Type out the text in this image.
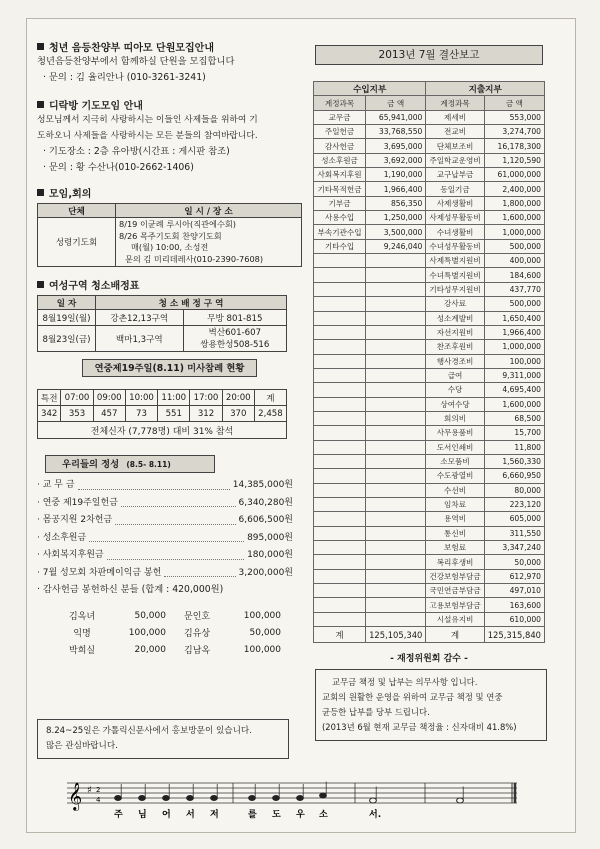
청년 음등찬양부 띠아모 단원모집안내
청년음등찬양부에서 함께하실 단원을 모집합니다
· 문의 : 김 율리안나 (010-3261-3241)
디락방 기도모임 안내
성모님께서 지극히 사랑하시는 이들인 사제들을 위하여 기
도하오니 사제들을 사랑하시는 모든 분들의 참여바랍니다.
· 기도장소 : 2층 유아방(시간표 : 게시판 참조)
· 문의 : 황 수산나(010-2662-1406)
모임,회의
단체	일 시 / 장 소
성령기도회	8/19 이균례 루시아(직관에수회)
8/26 목주기도회 찬양기도회
매(월) 10:00, 소성전
문의 김 미리데레사(010-2390-7608)
여성구역 청소배정표
일 자	청 소 배 정 구 역	
8월19일(월)	강촌12,13구역	무방 801-815
8월23일(금)	백마1,3구역	벽산601-607
쌍용한성508-516
연중제19주일(8.11) 미사참례 현황
특전	07:00	09:00	10:00	11:00	17:00	20:00	계
342	353	457	73	551	312	370	2,458
전체신자 (7,778명) 대비 31% 참석							
우리들의 정성 (8.5- 8.11)
· 교 무 금	14,385,000원
· 연중 제19주일헌금	6,340,280원
· 몸공지원 2차헌금	6,606,500원
· 성소후원금	895,000원
· 사회복지후원금	180,000원
· 7월 성모회 차판메이익금 봉헌	3,200,000원
· 감사헌금 봉헌하신 분들 (합계 : 420,000원)
김옥녀	50,000	문인호	100,000
익명	100,000	김유상	50,000
박희실	20,000	김남옥	100,000
8.24~25일은 가톨릭신문사에서 홍보방문이 있습니다.
많은 관심바랍니다.
2013년 7월 결산보고
수입지부		지출지부	
계정과목	금 액	계정과목	금 액
교무금	65,941,000	제세비	553,000
주일헌금	33,768,550	전교비	3,274,700
감사헌금	3,695,000	단체보조비	16,178,300
성소후원금	3,692,000	주일학교운영비	1,120,590
사회복지후원	1,190,000	교구납부금	61,000,000
기타목적헌금	1,966,400	동일기금	2,400,000
기부금	856,350	사제생활비	1,800,000
사용수입	1,250,000	사제성무활동비	1,600,000
부속기관수입	3,500,000	수녀생활비	1,000,000
기타수입	9,246,040	수녀성무활동비	500,000
		사제특별지원비	400,000
		수녀특별지원비	184,600
		기타성무지원비	437,770
		강사료	500,000
		성소계발비	1,650,400
		자선지원비	1,966,400
		찬조후원비	1,000,000
		행사경조비	100,000
		급여	9,311,000
		수당	4,695,400
		상여수당	1,600,000
		회의비	68,500
		사무용품비	15,700
		도서인쇄비	11,800
		소모품비	1,560,330
		수도광열비	6,660,950
		수선비	80,000
		임차료	223,120
		용역비	605,000
		통신비	311,550
		보험료	3,347,240
		복리후생비	50,000
		건강보험부담금	612,970
		국민연금부담금	497,010
		고용보험부담금	163,600
		시설유지비	610,000
계	125,105,340	계	125,315,840
- 재정위원회 감수 -
교무금 책정 및 납부는 의무사항 입니다.
교회의 원활한 운영을 위하여 교무금 책정 및 연중
균등한 납부를 당부 드립니다.
(2013년 6월 현재 교무금 책정율 : 신자대비 41.8%)
𝄞 ♯ 2
4
주 님 어 서 저	를 도 우 소	서.
